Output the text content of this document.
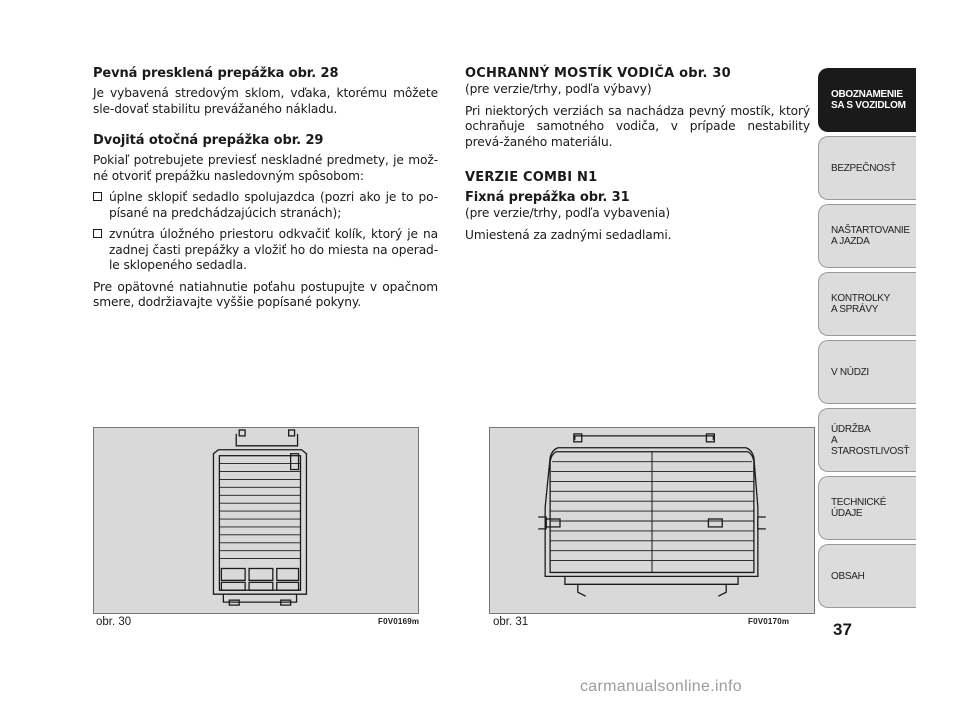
Pevná presklená prepážka obr. 28

Je vybavená stredovým sklom, vďaka, ktorému môžete sle-dovať stabilitu prevážaného nákladu.

Dvojitá otočná prepážka obr. 29

Pokiaľ potrebujete previesť neskladné predmety, je mož-né otvoriť prepážku nasledovným spôsobom:

úplne sklopiť sedadlo spolujazdca (pozri ako je to po-písané na predchádzajúcich stranách);
zvnútra úložného priestoru odkvačiť kolík, ktorý je na zadnej časti prepážky a vložiť ho do miesta na operad-le sklopeného sedadla.

Pre opätovné natiahnutie poťahu postupujte v opačnom smere, dodržiavajte vyššie popísané pokyny.

OCHRANNÝ MOSTÍK VODIČA obr. 30
(pre verzie/trhy, podľa výbavy)

Pri niektorých verziách sa nachádza pevný mostík, ktorý ochraňuje samotného vodiča, v prípade nestability prevá-žaného materiálu.

VERZIE COMBI N1
Fixná prepážka obr. 31
(pre verzie/trhy, podľa vybavenia)

Umiestená za zadnými sedadlami.

obr. 30	F0V0169m	obr. 31	F0V0170m
OBOZNAMENIE
SA S VOZIDLOM
BEZPEČNOSŤ
NAŠTARTOVANIE
A JAZDA
KONTROLKY
A SPRÁVY
V NÚDZI
ÚDRŽBA
A STAROSTLIVOSŤ
TECHNICKÉ
ÚDAJE
OBSAH
37
carmanualsonline.info
